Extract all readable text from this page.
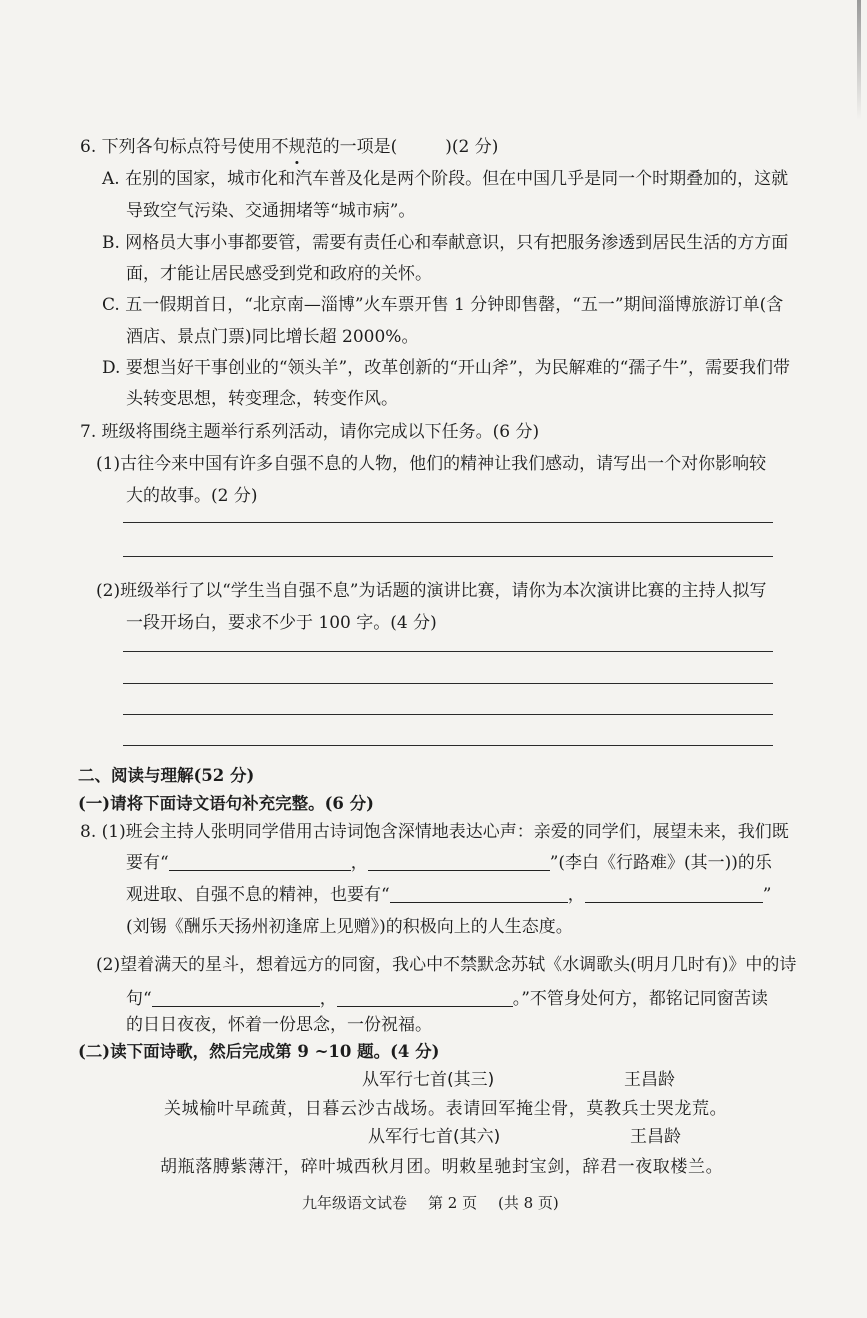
6. 下列各句标点符号使用不规范的一项是(	)(2 分)
A. 在别的国家，城市化和汽车普及化是两个阶段。但在中国几乎是同一个时期叠加的，这就
导致空气污染、交通拥堵等“城市病”。
B. 网格员大事小事都要管，需要有责任心和奉献意识，只有把服务渗透到居民生活的方方面
面，才能让居民感受到党和政府的关怀。
C. 五一假期首日，“北京南—淄博”火车票开售 1 分钟即售罄，“五一”期间淄博旅游订单(含
酒店、景点门票)同比增长超 2000%。
D. 要想当好干事创业的“领头羊”，改革创新的“开山斧”，为民解难的“孺子牛”，需要我们带
头转变思想，转变理念，转变作风。
7. 班级将围绕主题举行系列活动，请你完成以下任务。(6 分)
(1)古往今来中国有许多自强不息的人物，他们的精神让我们感动，请写出一个对你影响较
大的故事。(2 分)
(2)班级举行了以“学生当自强不息”为话题的演讲比赛，请你为本次演讲比赛的主持人拟写
一段开场白，要求不少于 100 字。(4 分)
二、阅读与理解(52 分)
(一)请将下面诗文语句补充完整。(6 分)
8. (1)班会主持人张明同学借用古诗词饱含深情地表达心声：亲爱的同学们，展望未来，我们既
要有“	，	”(李白《行路难》(其一))的乐
观进取、自强不息的精神，也要有“	，	”
(刘锡《酬乐天扬州初逢席上见赠》)的积极向上的人生态度。
(2)望着满天的星斗，想着远方的同窗，我心中不禁默念苏轼《水调歌头(明月几时有)》中的诗
句“	，	。”不管身处何方，都铭记同窗苦读
的日日夜夜，怀着一份思念，一份祝福。
(二)读下面诗歌，然后完成第 9 ~10 题。(4 分)
从军行七首(其三)	王昌龄
关城榆叶早疏黄，日暮云沙古战场。表请回军掩尘骨，莫教兵士哭龙荒。
从军行七首(其六)	王昌龄
胡瓶落膊紫薄汗，碎叶城西秋月团。明敕星驰封宝剑，辞君一夜取楼兰。
九年级语文试卷 第 2 页 (共 8 页)
